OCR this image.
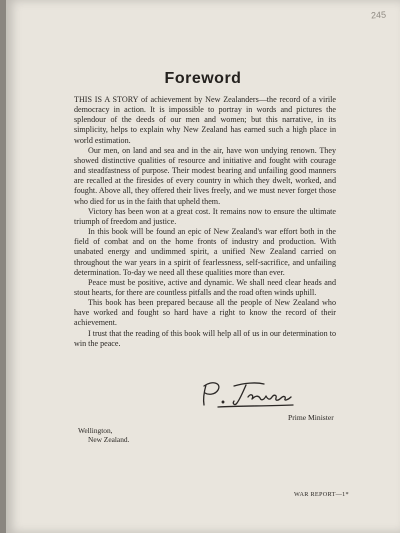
245
Foreword

THIS IS A STORY of achievement by New Zealanders—the record of a virile democracy in action. It is impossible to portray in words and pictures the splendour of the deeds of our men and women; but this narrative, in its simplicity, helps to explain why New Zealand has earned such a high place in world estimation.

Our men, on land and sea and in the air, have won undying renown. They showed distinctive qualities of resource and initiative and fought with courage and steadfastness of purpose. Their modest bearing and unfailing good manners are recalled at the firesides of every country in which they dwelt, worked, and fought. Above all, they offered their lives freely, and we must never forget those who died for us in the faith that upheld them.

Victory has been won at a great cost. It remains now to ensure the ultimate triumph of freedom and justice.

In this book will be found an epic of New Zealand's war effort both in the field of combat and on the home fronts of industry and production. With unabated energy and undimmed spirit, a unified New Zealand carried on throughout the war years in a spirit of fearlessness, self-sacrifice, and unfailing determination. To-day we need all these qualities more than ever.

Peace must be positive, active and dynamic. We shall need clear heads and stout hearts, for there are countless pitfalls and the road often winds uphill.

This book has been prepared because all the people of New Zealand who have worked and fought so hard have a right to know the record of their achievement.

I trust that the reading of this book will help all of us in our determination to win the peace.

Prime Minister
Wellington,
New Zealand.
WAR REPORT—1*
